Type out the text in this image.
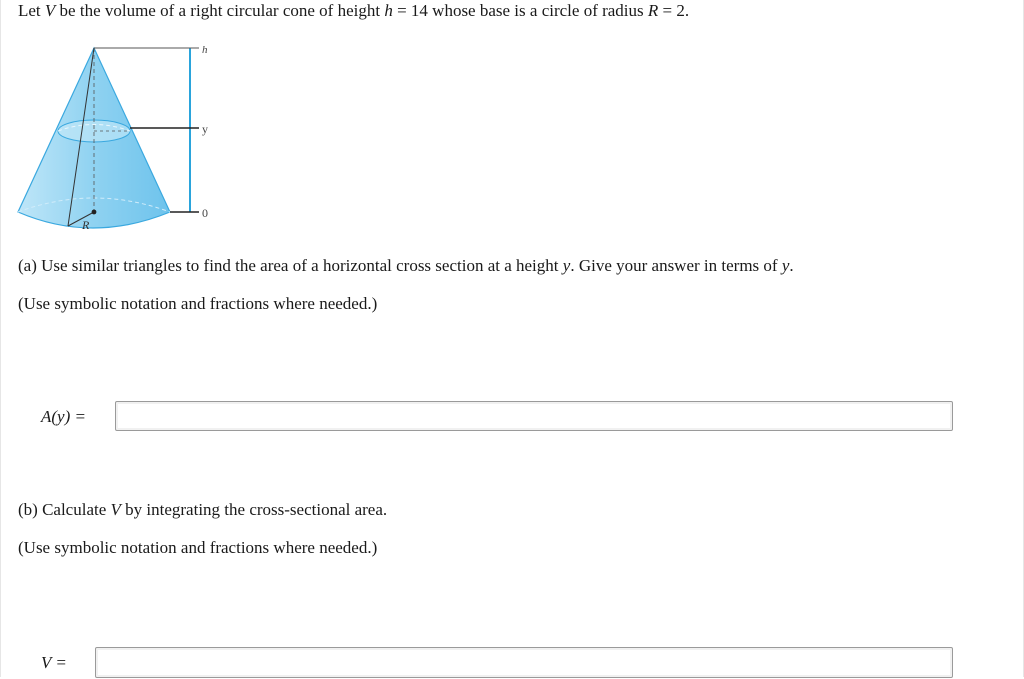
Let V be the volume of a right circular cone of height h = 14 whose base is a circle of radius R = 2.
h
y
0
R
(a) Use similar triangles to find the area of a horizontal cross section at a height y. Give your answer in terms of y.
(Use symbolic notation and fractions where needed.)
A(y) =
(b) Calculate V by integrating the cross-sectional area.
(Use symbolic notation and fractions where needed.)
V =
